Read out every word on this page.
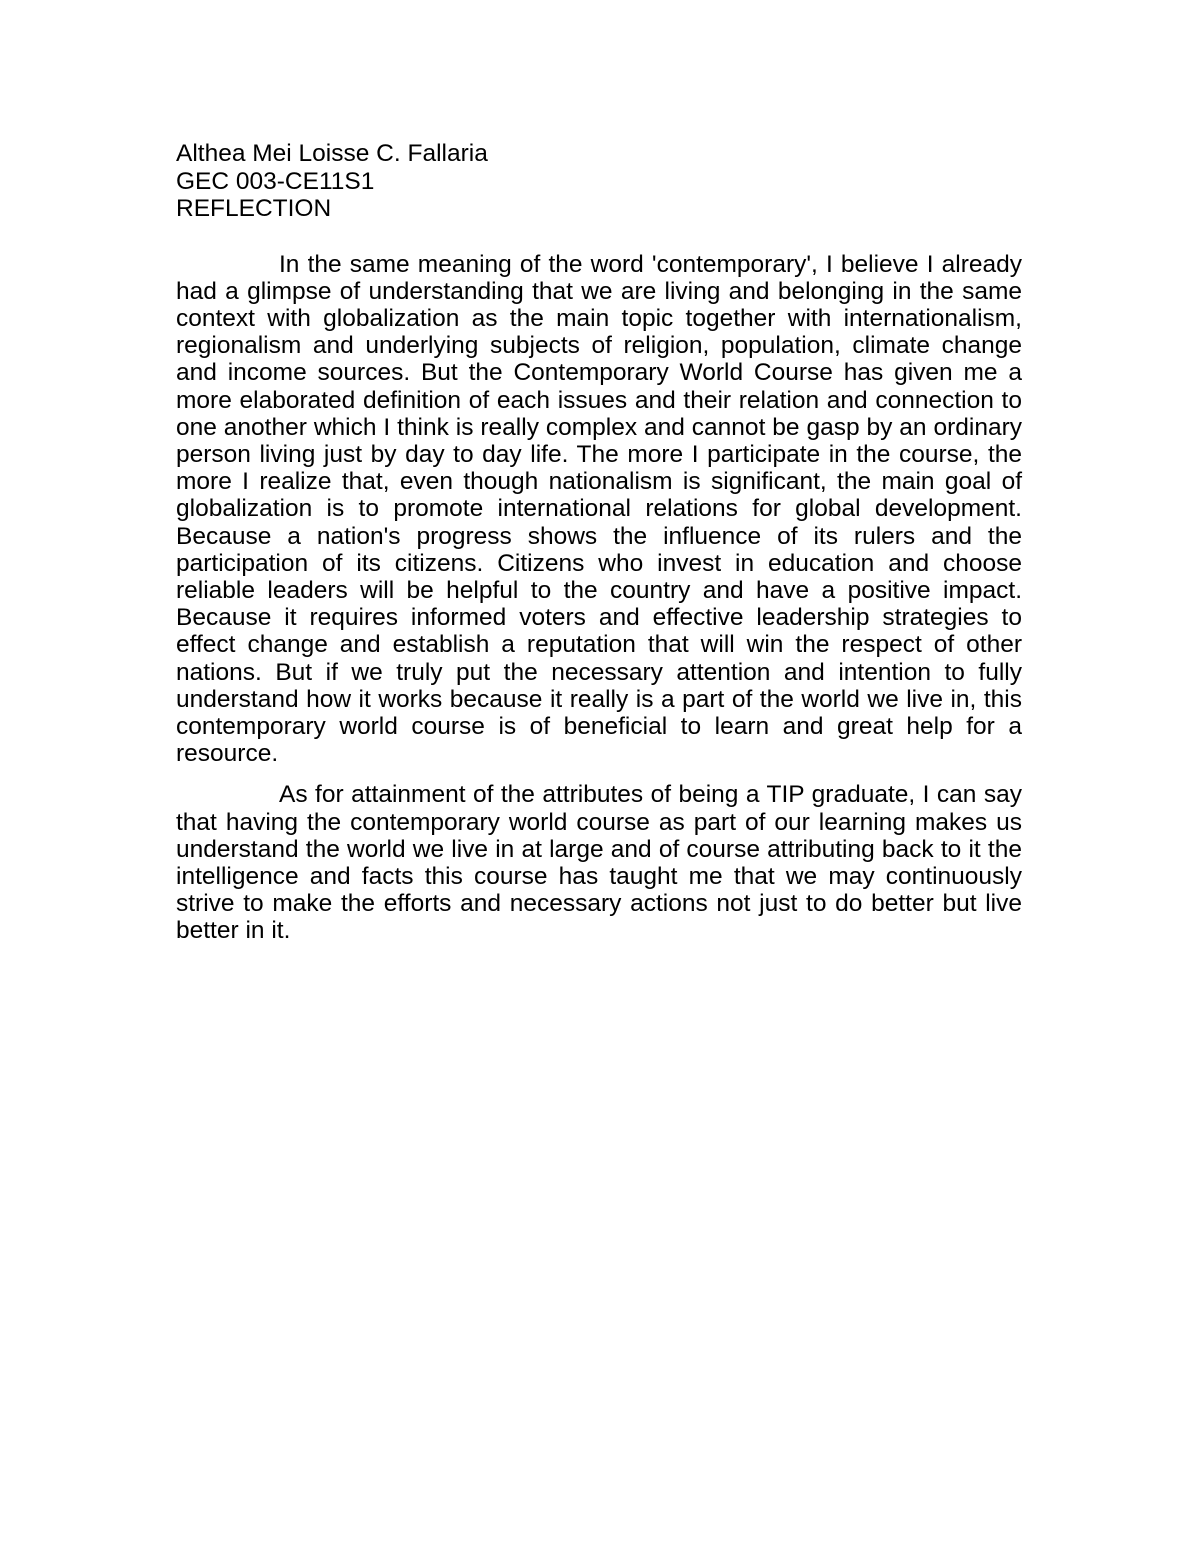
Althea Mei Loisse C. Fallaria

GEC 003-CE11S1

REFLECTION

In the same meaning of the word 'contemporary', I believe I already had a glimpse of understanding that we are living and belonging in the same context with globalization as the main topic together with internationalism, regionalism and underlying subjects of religion, population, climate change and income sources. But the Contemporary World Course has given me a more elaborated definition of each issues and their relation and connection to one another which I think is really complex and cannot be gasp by an ordinary person living just by day to day life. The more I participate in the course, the more I realize that, even though nationalism is significant, the main goal of globalization is to promote international relations for global development. Because a nation's progress shows the influence of its rulers and the participation of its citizens. Citizens who invest in education and choose reliable leaders will be helpful to the country and have a positive impact. Because it requires informed voters and effective leadership strategies to effect change and establish a reputation that will win the respect of other nations. But if we truly put the necessary attention and intention to fully understand how it works because it really is a part of the world we live in, this contemporary world course is of beneficial to learn and great help for a resource.

As for attainment of the attributes of being a TIP graduate, I can say that having the contemporary world course as part of our learning makes us understand the world we live in at large and of course attributing back to it the intelligence and facts this course has taught me that we may continuously strive to make the efforts and necessary actions not just to do better but live better in it.
